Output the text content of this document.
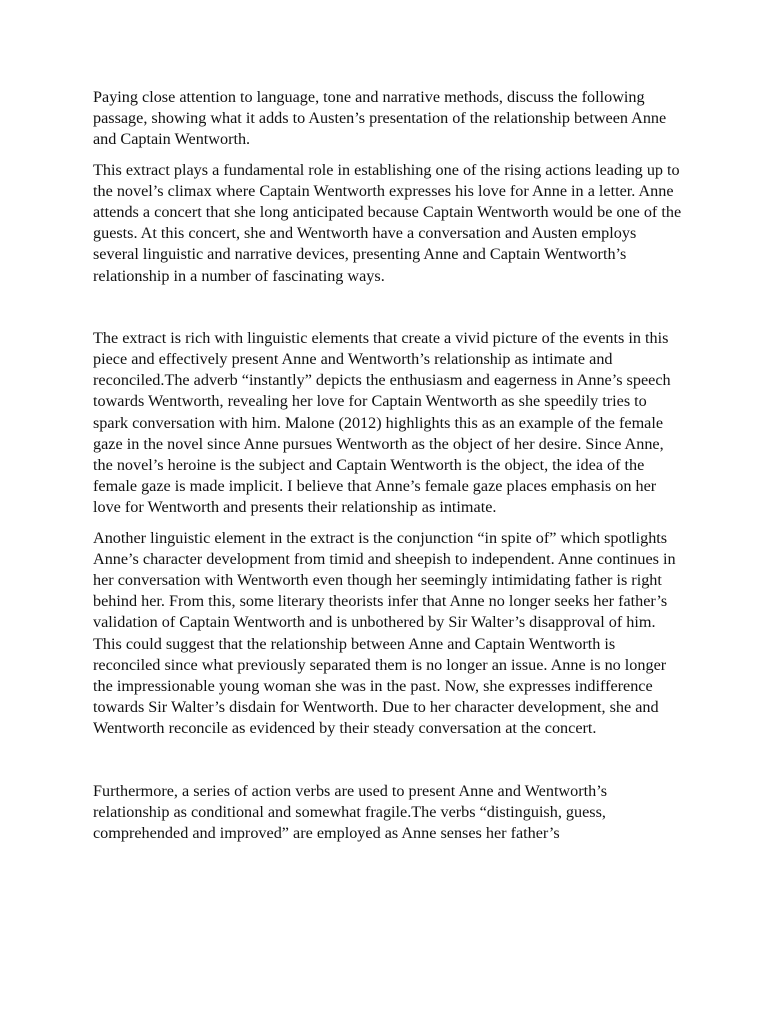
Paying close attention to language, tone and narrative methods, discuss the following passage, showing what it adds to Austen’s presentation of the relationship between Anne and Captain Wentworth.

This extract plays a fundamental role in establishing one of the rising actions leading up to the novel’s climax where Captain Wentworth expresses his love for Anne in a letter. Anne attends a concert that she long anticipated because Captain Wentworth would be one of the guests. At this concert, she and Wentworth have a conversation and Austen employs several linguistic and narrative devices, presenting Anne and Captain Wentworth’s relationship in a number of fascinating ways.

The extract is rich with linguistic elements that create a vivid picture of the events in this piece and effectively present Anne and Wentworth’s relationship as intimate and reconciled.The adverb “instantly” depicts the enthusiasm and eagerness in Anne’s speech towards Wentworth, revealing her love for Captain Wentworth as she speedily tries to spark conversation with him. Malone (2012) highlights this as an example of the female gaze in the novel since Anne pursues Wentworth as the object of her desire. Since Anne, the novel’s heroine is the subject and Captain Wentworth is the object, the idea of the female gaze is made implicit. I believe that Anne’s female gaze places emphasis on her love for Wentworth and presents their relationship as intimate.

Another linguistic element in the extract is the conjunction “in spite of” which spotlights Anne’s character development from timid and sheepish to independent. Anne continues in her conversation with Wentworth even though her seemingly intimidating father is right behind her. From this, some literary theorists infer that Anne no longer seeks her father’s validation of Captain Wentworth and is unbothered by Sir Walter’s disapproval of him. This could suggest that the relationship between Anne and Captain Wentworth is reconciled since what previously separated them is no longer an issue. Anne is no longer the impressionable young woman she was in the past. Now, she expresses indifference towards Sir Walter’s disdain for Wentworth. Due to her character development, she and Wentworth reconcile as evidenced by their steady conversation at the concert.

Furthermore, a series of action verbs are used to present Anne and Wentworth’s relationship as conditional and somewhat fragile.The verbs “distinguish, guess, comprehended and improved” are employed as Anne senses her father’s
